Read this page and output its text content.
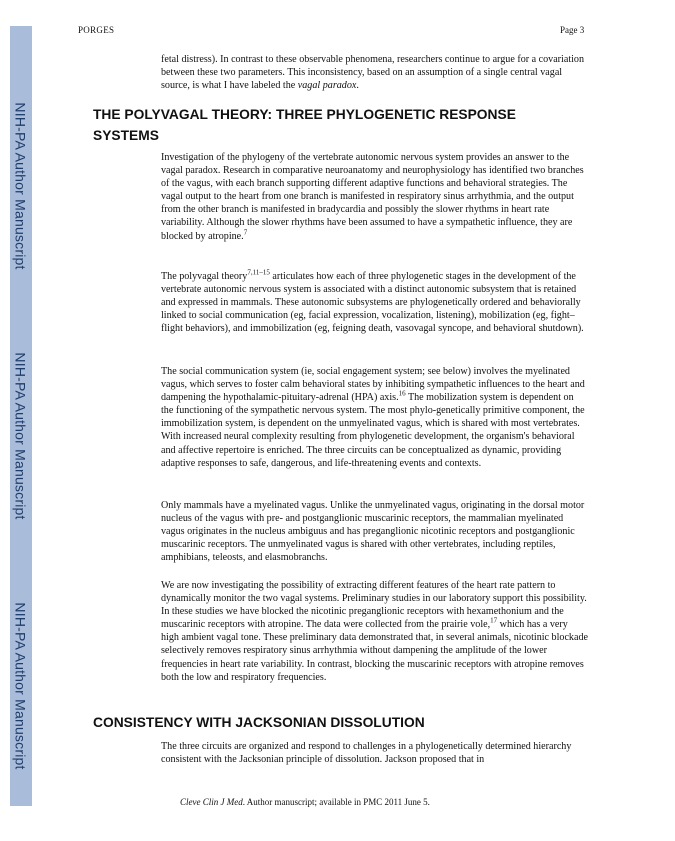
NIH-PA Author Manuscript
NIH-PA Author Manuscript
NIH-PA Author Manuscript
PORGES	Page 3

fetal distress). In contrast to these observable phenomena, researchers continue to argue for a covariation between these two parameters. This inconsistency, based on an assumption of a single central vagal source, is what I have labeled the vagal paradox.

THE POLYVAGAL THEORY: THREE PHYLOGENETIC RESPONSE SYSTEMS

Investigation of the phylogeny of the vertebrate autonomic nervous system provides an answer to the vagal paradox. Research in comparative neuroanatomy and neurophysiology has identified two branches of the vagus, with each branch supporting different adaptive functions and behavioral strategies. The vagal output to the heart from one branch is manifested in respiratory sinus arrhythmia, and the output from the other branch is manifested in bradycardia and possibly the slower rhythms in heart rate variability. Although the slower rhythms have been assumed to have a sympathetic influence, they are blocked by atropine.$^7$

The polyvagal theory$^{7,11-15}$ articulates how each of three phylogenetic stages in the development of the vertebrate autonomic nervous system is associated with a distinct autonomic subsystem that is retained and expressed in mammals. These autonomic subsystems are phylogenetically ordered and behaviorally linked to social communication (eg, facial expression, vocalization, listening), mobilization (eg, fight–flight behaviors), and immobilization (eg, feigning death, vasovagal syncope, and behavioral shutdown).

The social communication system (ie, social engagement system; see below) involves the myelinated vagus, which serves to foster calm behavioral states by inhibiting sympathetic influences to the heart and dampening the hypothalamic-pituitary-adrenal (HPA) axis.$^{16}$ The mobilization system is dependent on the functioning of the sympathetic nervous system. The most phylo-genetically primitive component, the immobilization system, is dependent on the unmyelinated vagus, which is shared with most vertebrates. With increased neural complexity resulting from phylogenetic development, the organism's behavioral and affective repertoire is enriched. The three circuits can be conceptualized as dynamic, providing adaptive responses to safe, dangerous, and life-threatening events and contexts.

Only mammals have a myelinated vagus. Unlike the unmyelinated vagus, originating in the dorsal motor nucleus of the vagus with pre- and postganglionic muscarinic receptors, the mammalian myelinated vagus originates in the nucleus ambiguus and has preganglionic nicotinic receptors and postganglionic muscarinic receptors. The unmyelinated vagus is shared with other vertebrates, including reptiles, amphibians, teleosts, and elasmobranchs.

We are now investigating the possibility of extracting different features of the heart rate pattern to dynamically monitor the two vagal systems. Preliminary studies in our laboratory support this possibility. In these studies we have blocked the nicotinic preganglionic receptors with hexamethonium and the muscarinic receptors with atropine. The data were collected from the prairie vole,$^{17}$ which has a very high ambient vagal tone. These preliminary data demonstrated that, in several animals, nicotinic blockade selectively removes respiratory sinus arrhythmia without dampening the amplitude of the lower frequencies in heart rate variability. In contrast, blocking the muscarinic receptors with atropine removes both the low and respiratory frequencies.

CONSISTENCY WITH JACKSONIAN DISSOLUTION

The three circuits are organized and respond to challenges in a phylogenetically determined hierarchy consistent with the Jacksonian principle of dissolution. Jackson proposed that in

Cleve Clin J Med. Author manuscript; available in PMC 2011 June 5.
